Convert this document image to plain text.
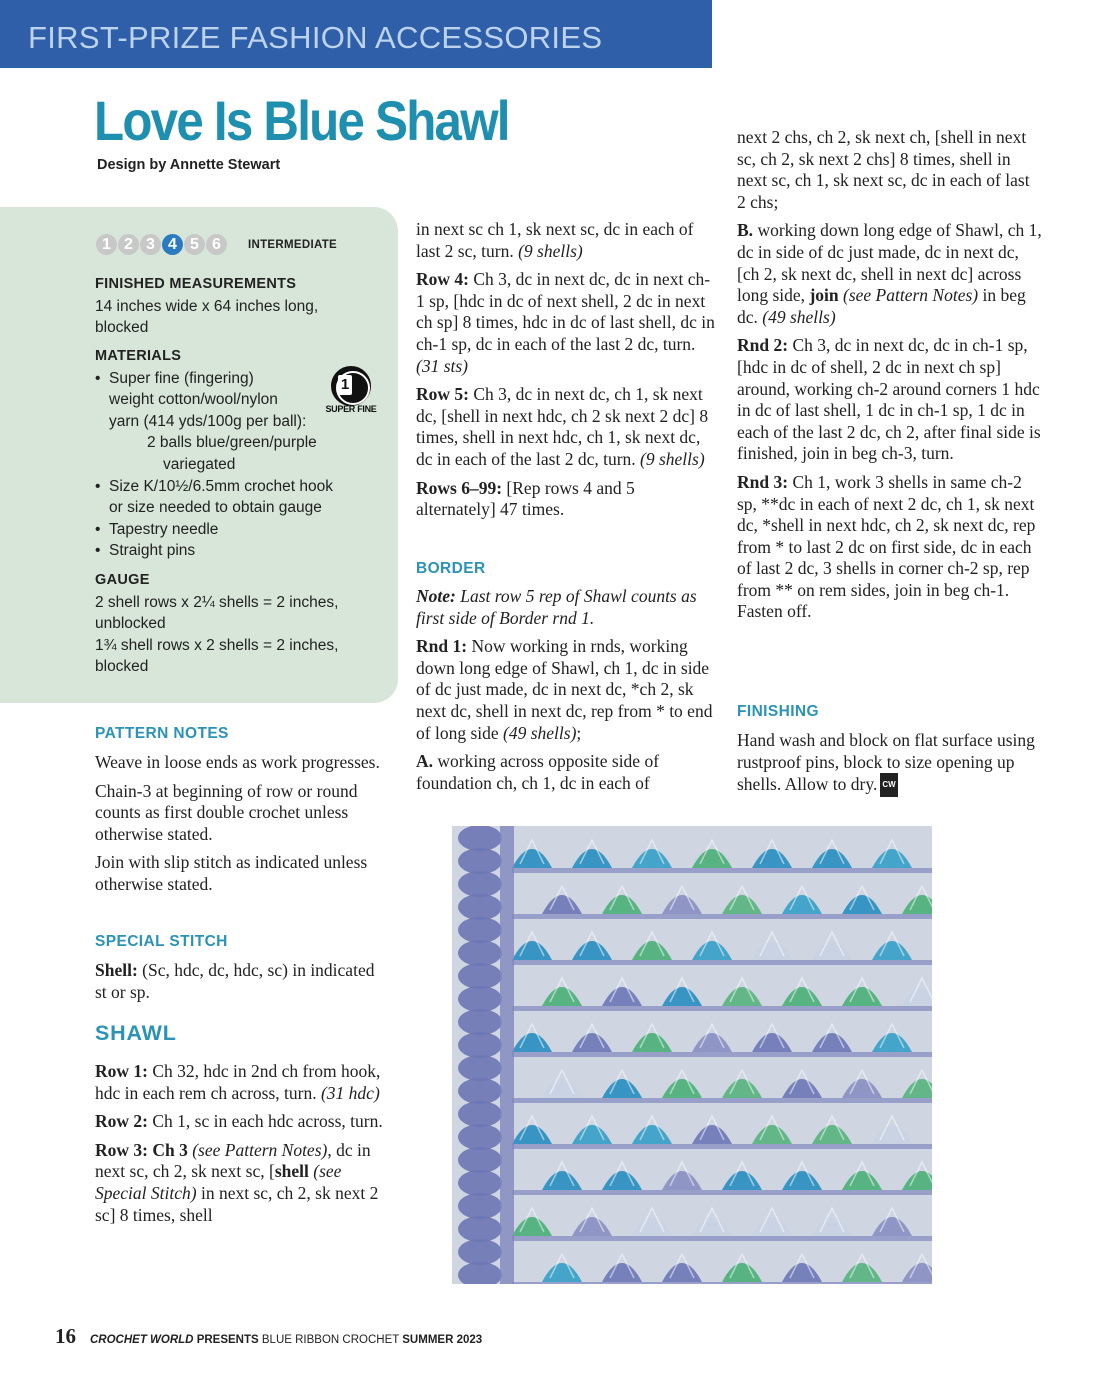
FIRST-PRIZE FASHION ACCESSORIES
Love Is Blue Shawl
Design by Annette Stewart
1 2 3 4 5 6	INTERMEDIATE
FINISHED MEASUREMENTS
14 inches wide x 64 inches long,
blocked
MATERIALS
• Super fine (fingering)
weight cotton/wool/nylon
yarn (414 yds/100g per ball):
2 balls blue/green/purple
variegated
• Size K/10½/6.5mm crochet hook
or size needed to obtain gauge
• Tapestry needle
• Straight pins
GAUGE
2 shell rows x 2¼ shells = 2 inches,
unblocked
1¾ shell rows x 2 shells = 2 inches,
blocked
1
SUPER FINE
PATTERN NOTES

Weave in loose ends as work progresses.

Chain-3 at beginning of row or round counts as first double crochet unless otherwise stated.

Join with slip stitch as indicated unless otherwise stated.

SPECIAL STITCH

Shell: (Sc, hdc, dc, hdc, sc) in indicated st or sp.

SHAWL

Row 1: Ch 32, hdc in 2nd ch from hook, hdc in each rem ch across, turn. (31 hdc)

Row 2: Ch 1, sc in each hdc across, turn.

Row 3: Ch 3 (see Pattern Notes), dc in next sc, ch 2, sk next sc, [shell (see Special Stitch) in next sc, ch 2, sk next 2 sc] 8 times, shell

in next sc ch 1, sk next sc, dc in each of last 2 sc, turn. (9 shells)

Row 4: Ch 3, dc in next dc, dc in next ch-1 sp, [hdc in dc of next shell, 2 dc in next ch sp] 8 times, hdc in dc of last shell, dc in ch-1 sp, dc in each of the last 2 dc, turn. (31 sts)

Row 5: Ch 3, dc in next dc, ch 1, sk next dc, [shell in next hdc, ch 2 sk next 2 dc] 8 times, shell in next hdc, ch 1, sk next dc, dc in each of the last 2 dc, turn. (9 shells)

Rows 6–99: [Rep rows 4 and 5 alternately] 47 times.

BORDER

Note: Last row 5 rep of Shawl counts as first side of Border rnd 1.

Rnd 1: Now working in rnds, working down long edge of Shawl, ch 1, dc in side of dc just made, dc in next dc, *ch 2, sk next dc, shell in next dc, rep from * to end of long side (49 shells);

A. working across opposite side of foundation ch, ch 1, dc in each of

next 2 chs, ch 2, sk next ch, [shell in next sc, ch 2, sk next 2 chs] 8 times, shell in next sc, ch 1, sk next sc, dc in each of last 2 chs;

B. working down long edge of Shawl, ch 1, dc in side of dc just made, dc in next dc, [ch 2, sk next dc, shell in next dc] across long side, join (see Pattern Notes) in beg dc. (49 shells)

Rnd 2: Ch 3, dc in next dc, dc in ch-1 sp, [hdc in dc of shell, 2 dc in next ch sp] around, working ch-2 around corners 1 hdc in dc of last shell, 1 dc in ch-1 sp, 1 dc in each of the last 2 dc, ch 2, after final side is finished, join in beg ch-3, turn.

Rnd 3: Ch 1, work 3 shells in same ch-2 sp, **dc in each of next 2 dc, ch 1, sk next dc, *shell in next hdc, ch 2, sk next dc, rep from * to last 2 dc on first side, dc in each of last 2 dc, 3 shells in corner ch-2 sp, rep from ** on rem sides, join in beg ch-1. Fasten off.

FINISHING

Hand wash and block on flat surface using rustproof pins, block to size opening up shells. Allow to dry. CW

16 CROCHET WORLD PRESENTS BLUE RIBBON CROCHET SUMMER 2023
